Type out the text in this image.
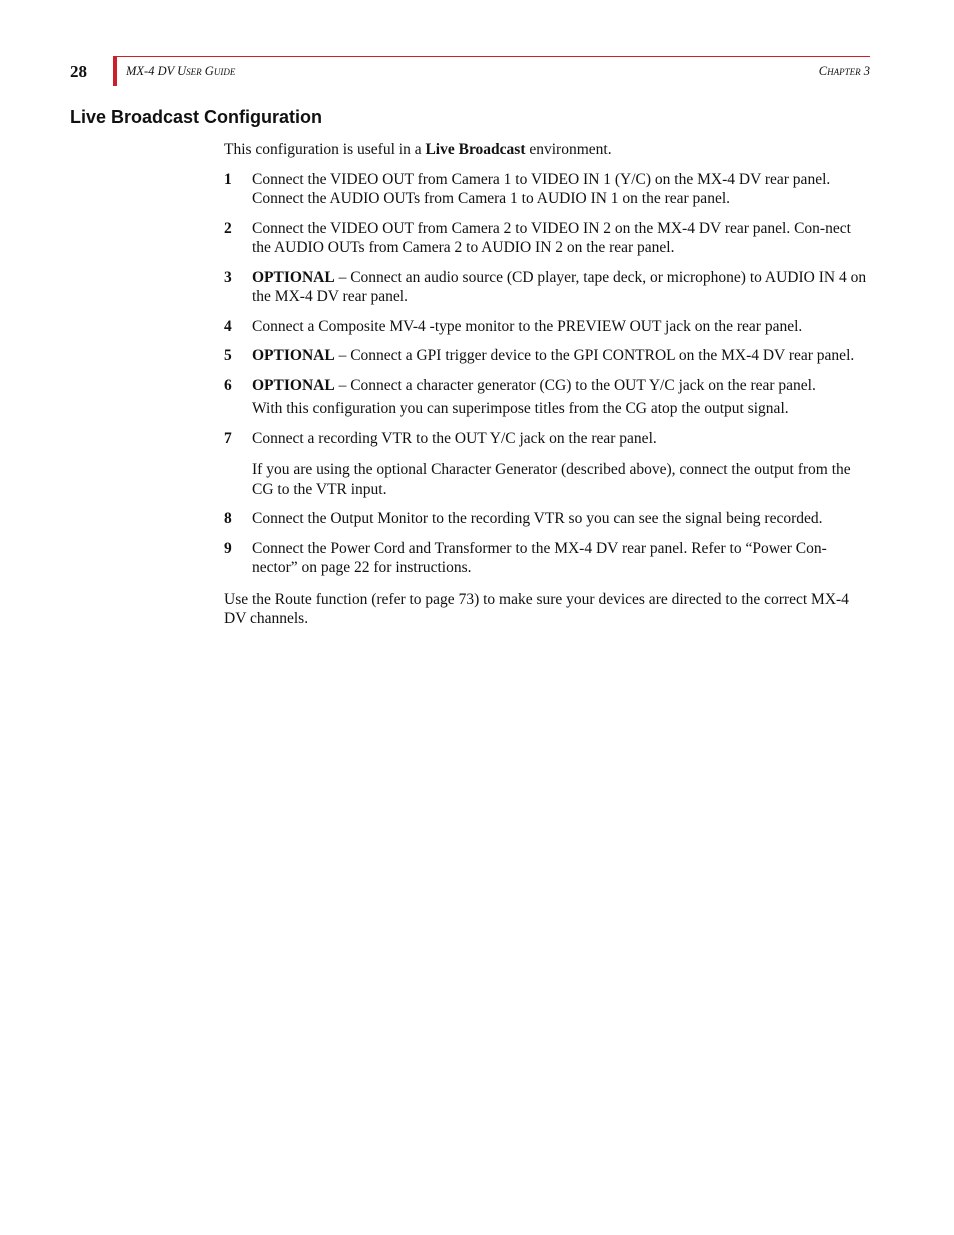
28	MX-4 DV User Guide	Chapter 3
Live Broadcast Configuration

This configuration is useful in a Live Broadcast environment.

1	Connect the VIDEO OUT from Camera 1 to VIDEO IN 1 (Y/C) on the MX-4 DV rear panel. Connect the AUDIO OUTs from Camera 1 to AUDIO IN 1 on the rear panel.
2	Connect the VIDEO OUT from Camera 2 to VIDEO IN 2 on the MX-4 DV rear panel. Con-nect the AUDIO OUTs from Camera 2 to AUDIO IN 2 on the rear panel.
3	OPTIONAL – Connect an audio source (CD player, tape deck, or microphone) to AUDIO IN 4 on the MX-4 DV rear panel.
4	Connect a Composite MV-4 -type monitor to the PREVIEW OUT jack on the rear panel.
5	OPTIONAL – Connect a GPI trigger device to the GPI CONTROL on the MX-4 DV rear panel.
6	OPTIONAL – Connect a character generator (CG) to the OUT Y/C jack on the rear panel.

With this configuration you can superimpose titles from the CG atop the output signal.

7	Connect a recording VTR to the OUT Y/C jack on the rear panel.

If you are using the optional Character Generator (described above), connect the output from the CG to the VTR input.

8	Connect the Output Monitor to the recording VTR so you can see the signal being recorded.
9	Connect the Power Cord and Transformer to the MX-4 DV rear panel. Refer to “Power Con-nector” on page 22 for instructions.

Use the Route function (refer to page 73) to make sure your devices are directed to the correct MX-4 DV channels.
